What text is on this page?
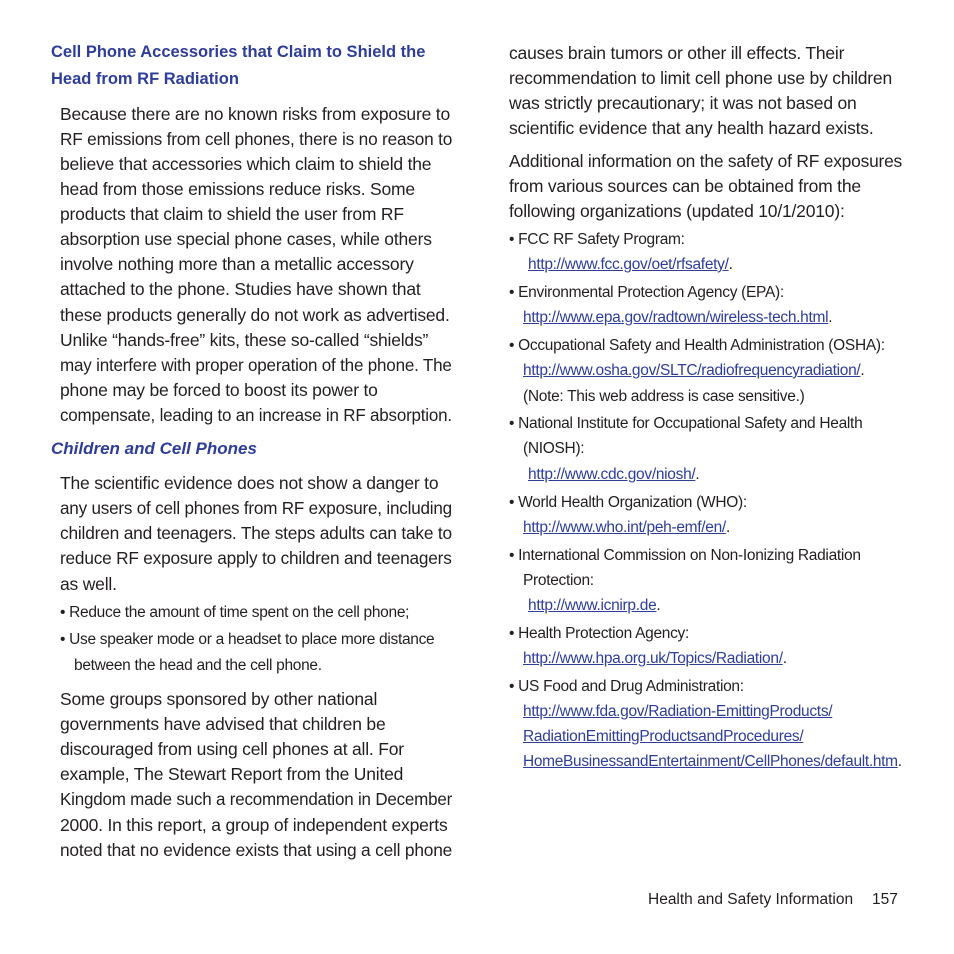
Cell Phone Accessories that Claim to Shield the
Head from RF Radiation
Because there are no known risks from exposure to
RF emissions from cell phones, there is no reason to
believe that accessories which claim to shield the
head from those emissions reduce risks. Some
products that claim to shield the user from RF
absorption use special phone cases, while others
involve nothing more than a metallic accessory
attached to the phone. Studies have shown that
these products generally do not work as advertised.
Unlike “hands-free” kits, these so-called “shields”
may interfere with proper operation of the phone. The
phone may be forced to boost its power to
compensate, leading to an increase in RF absorption.
Children and Cell Phones
The scientific evidence does not show a danger to
any users of cell phones from RF exposure, including
children and teenagers. The steps adults can take to
reduce RF exposure apply to children and teenagers
as well.
• Reduce the amount of time spent on the cell phone;
• Use speaker mode or a headset to place more distance
between the head and the cell phone.
Some groups sponsored by other national
governments have advised that children be
discouraged from using cell phones at all. For
example, The Stewart Report from the United
Kingdom made such a recommendation in December
2000. In this report, a group of independent experts
noted that no evidence exists that using a cell phone
causes brain tumors or other ill effects. Their
recommendation to limit cell phone use by children
was strictly precautionary; it was not based on
scientific evidence that any health hazard exists.
Additional information on the safety of RF exposures
from various sources can be obtained from the
following organizations (updated 10/1/2010):
• FCC RF Safety Program:
http://www.fcc.gov/oet/rfsafety/.
• Environmental Protection Agency (EPA):
http://www.epa.gov/radtown/wireless-tech.html.
• Occupational Safety and Health Administration (OSHA):
http://www.osha.gov/SLTC/radiofrequencyradiation/.
(Note: This web address is case sensitive.)
• National Institute for Occupational Safety and Health
(NIOSH):
http://www.cdc.gov/niosh/.
• World Health Organization (WHO):
http://www.who.int/peh-emf/en/.
• International Commission on Non-Ionizing Radiation
Protection:
http://www.icnirp.de.
• Health Protection Agency:
http://www.hpa.org.uk/Topics/Radiation/.
• US Food and Drug Administration:
http://www.fda.gov/Radiation-EmittingProducts/
RadiationEmittingProductsandProcedures/
HomeBusinessandEntertainment/CellPhones/default.htm.
Health and Safety Information 157
